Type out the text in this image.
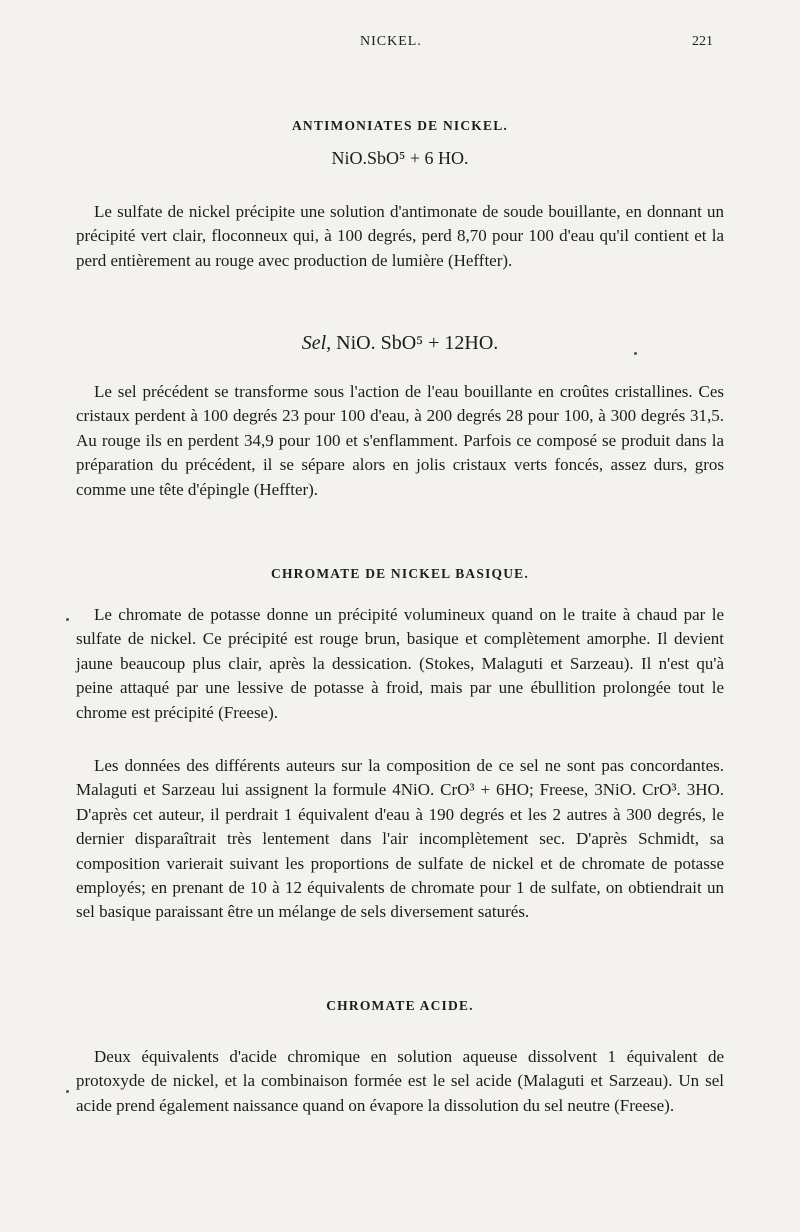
NICKEL.	221
ANTIMONIATES DE NICKEL.

NiO.SbO⁵ + 6 HO.

Le sulfate de nickel précipite une solution d'antimonate de soude bouillante, en donnant un précipité vert clair, floconneux qui, à 100 degrés, perd 8,70 pour 100 d'eau qu'il contient et la perd entièrement au rouge avec production de lumière (Heffter).

Sel, NiO. SbO⁵ + 12HO.

Le sel précédent se transforme sous l'action de l'eau bouillante en croûtes cristallines. Ces cristaux perdent à 100 degrés 23 pour 100 d'eau, à 200 degrés 28 pour 100, à 300 degrés 31,5. Au rouge ils en perdent 34,9 pour 100 et s'enflamment. Parfois ce composé se produit dans la préparation du précédent, il se sépare alors en jolis cristaux verts foncés, assez durs, gros comme une tête d'épingle (Heffter).

CHROMATE DE NICKEL BASIQUE.

Le chromate de potasse donne un précipité volumineux quand on le traite à chaud par le sulfate de nickel. Ce précipité est rouge brun, basique et complètement amorphe. Il devient jaune beaucoup plus clair, après la dessication. (Stokes, Malaguti et Sarzeau). Il n'est qu'à peine attaqué par une lessive de potasse à froid, mais par une ébullition prolongée tout le chrome est précipité (Freese).

Les données des différents auteurs sur la composition de ce sel ne sont pas concordantes. Malaguti et Sarzeau lui assignent la formule 4NiO. CrO³ + 6HO; Freese, 3NiO. CrO³. 3HO. D'après cet auteur, il perdrait 1 équivalent d'eau à 190 degrés et les 2 autres à 300 degrés, le dernier disparaîtrait très lentement dans l'air incomplètement sec. D'après Schmidt, sa composition varierait suivant les proportions de sulfate de nickel et de chromate de potasse employés; en prenant de 10 à 12 équivalents de chromate pour 1 de sulfate, on obtiendrait un sel basique paraissant être un mélange de sels diversement saturés.

CHROMATE ACIDE.

Deux équivalents d'acide chromique en solution aqueuse dissolvent 1 équivalent de protoxyde de nickel, et la combinaison formée est le sel acide (Malaguti et Sarzeau). Un sel acide prend également naissance quand on évapore la dissolution du sel neutre (Freese).
